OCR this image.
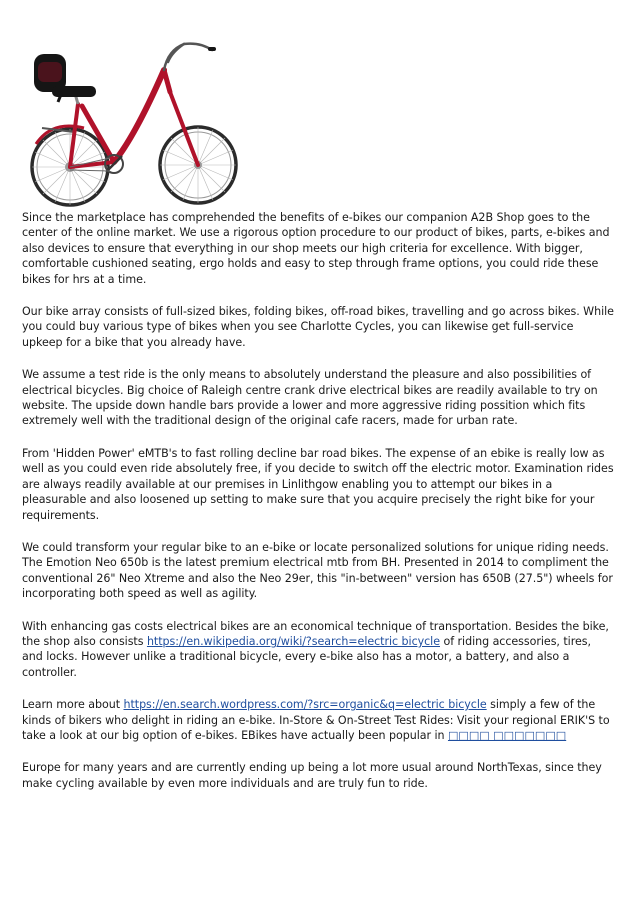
Since the marketplace has comprehended the benefits of e-bikes our companion A2B Shop goes to the center of the online market. We use a rigorous option procedure to our product of bikes, parts, e-bikes and also devices to ensure that everything in our shop meets our high criteria for excellence. With bigger, comfortable cushioned seating, ergo holds and easy to step through frame options, you could ride these bikes for hrs at a time.

Our bike array consists of full-sized bikes, folding bikes, off-road bikes, travelling and go across bikes. While you could buy various type of bikes when you see Charlotte Cycles, you can likewise get full-service upkeep for a bike that you already have.

We assume a test ride is the only means to absolutely understand the pleasure and also possibilities of electrical bicycles. Big choice of Raleigh centre crank drive electrical bikes are readily available to try on website. The upside down handle bars provide a lower and more aggressive riding possition which fits extremely well with the traditional design of the original cafe racers, made for urban rate.

From 'Hidden Power' eMTB's to fast rolling decline bar road bikes. The expense of an ebike is really low as well as you could even ride absolutely free, if you decide to switch off the electric motor. Examination rides are always readily available at our premises in Linlithgow enabling you to attempt our bikes in a pleasurable and also loosened up setting to make sure that you acquire precisely the right bike for your requirements.

We could transform your regular bike to an e-bike or locate personalized solutions for unique riding needs. The Emotion Neo 650b is the latest premium electrical mtb from BH. Presented in 2014 to compliment the conventional 26" Neo Xtreme and also the Neo 29er, this "in-between" version has 650B (27.5") wheels for incorporating both speed as well as agility.

With enhancing gas costs electrical bikes are an economical technique of transportation. Besides the bike, the shop also consists https://en.wikipedia.org/wiki/?search=electric bicycle of riding accessories, tires, and locks. However unlike a traditional bicycle, every e-bike also has a motor, a battery, and also a controller.

Learn more about https://en.search.wordpress.com/?src=organic&q=electric bicycle simply a few of the kinds of bikers who delight in riding an e-bike. In-Store & On-Street Test Rides: Visit your regional ERIK'S to take a look at our big option of e-bikes. EBikes have actually been popular in □□□□ □□□□□□□

Europe for many years and are currently ending up being a lot more usual around NorthTexas, since they make cycling available by even more individuals and are truly fun to ride.
